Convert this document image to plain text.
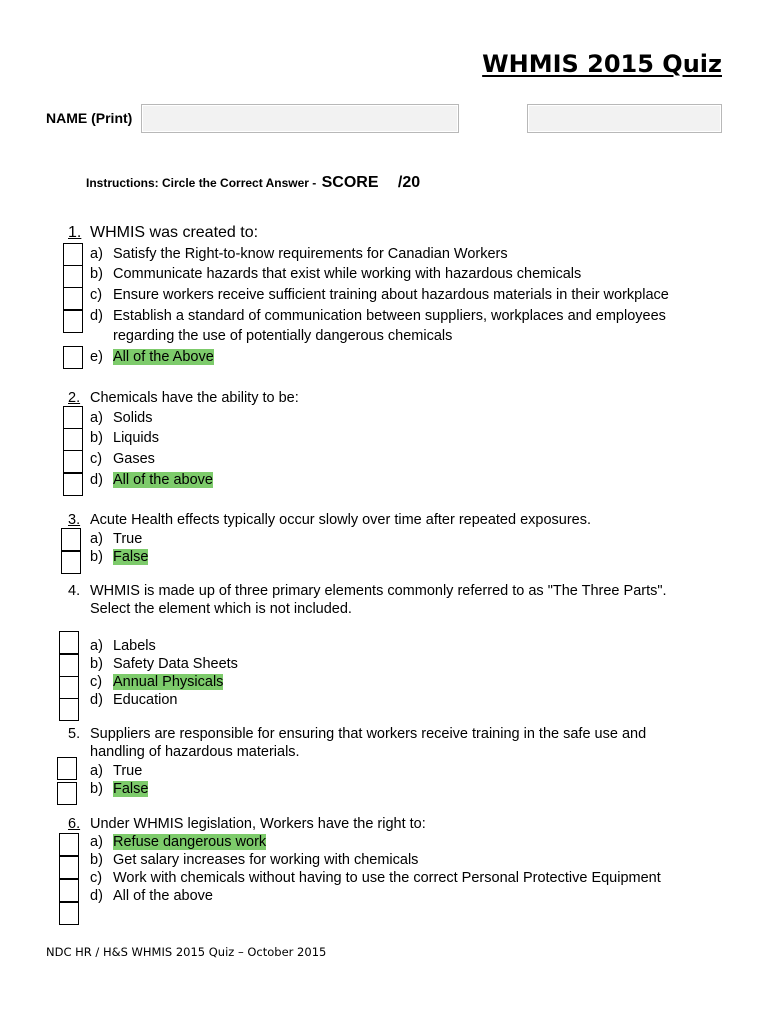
WHMIS 2015 Quiz
NAME (Print)
Instructions: Circle the Correct Answer - SCORE /20
1. WHMIS was created to:
a) Satisfy the Right-to-know requirements for Canadian Workers
b) Communicate hazards that exist while working with hazardous chemicals
c) Ensure workers receive sufficient training about hazardous materials in their workplace
d) Establish a standard of communication between suppliers, workplaces and employees regarding the use of potentially dangerous chemicals
e) All of the Above
2. Chemicals have the ability to be:
a) Solids
b) Liquids
c) Gases
d) All of the above
3. Acute Health effects typically occur slowly over time after repeated exposures.
a) True
b) False
4. WHMIS is made up of three primary elements commonly referred to as "The Three Parts". Select the element which is not included.
a) Labels
b) Safety Data Sheets
c) Annual Physicals
d) Education
5. Suppliers are responsible for ensuring that workers receive training in the safe use and handling of hazardous materials.
a) True
b) False
6. Under WHMIS legislation, Workers have the right to:
a) Refuse dangerous work
b) Get salary increases for working with chemicals
c) Work with chemicals without having to use the correct Personal Protective Equipment
d) All of the above
NDC HR / H&S WHMIS 2015 Quiz – October 2015
